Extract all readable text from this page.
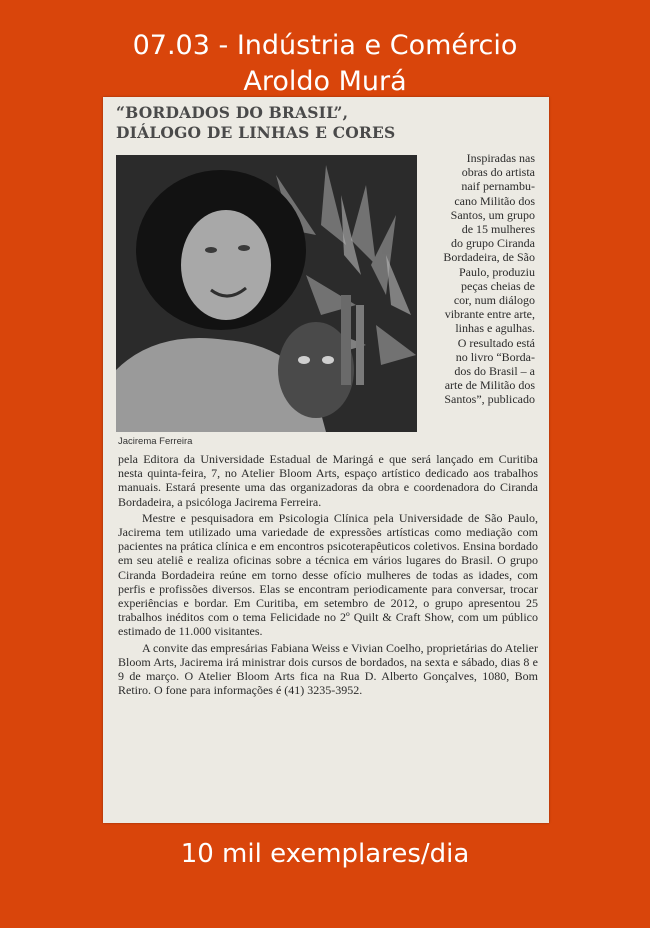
07.03 - Indústria e Comércio
Aroldo Murá
“BORDADOS DO BRASIL”,
DIÁLOGO DE LINHAS E CORES
Jacirema Ferreira
Inspiradas nas
obras do artista
naif pernambu-
cano Militão dos
Santos, um grupo
de 15 mulheres
do grupo Ciranda
Bordadeira, de São
Paulo, produziu
peças cheias de
cor, num diálogo
vibrante entre arte,
linhas e agulhas.
O resultado está
no livro “Borda-
dos do Brasil – a
arte de Militão dos
Santos”, publicado

pela Editora da Universidade Estadual de Maringá e que será lançado em Curitiba nesta quinta-feira, 7, no Atelier Bloom Arts, espaço artístico dedicado aos trabalhos manuais. Estará presente uma das organizadoras da obra e coordenadora do Ciranda Bordadeira, a psicóloga Jacirema Ferreira.

Mestre e pesquisadora em Psicologia Clínica pela Universidade de São Paulo, Jacirema tem utilizado uma variedade de expressões artísticas como mediação com pacientes na prática clínica e em encontros psicoterapêuticos coletivos. Ensina bordado em seu ateliê e realiza oficinas sobre a técnica em vários lugares do Brasil. O grupo Ciranda Bordadeira reúne em torno desse ofício mulheres de todas as idades, com perfis e profissões diversos. Elas se encontram periodicamente para conversar, trocar experiências e bordar. Em Curitiba, em setembro de 2012, o grupo apresentou 25 trabalhos inéditos com o tema Felicidade no 2º Quilt & Craft Show, com um público estimado de 11.000 visitantes.

A convite das empresárias Fabiana Weiss e Vivian Coelho, proprietárias do Atelier Bloom Arts, Jacirema irá ministrar dois cursos de bordados, na sexta e sábado, dias 8 e 9 de março. O Atelier Bloom Arts fica na Rua D. Alberto Gonçalves, 1080, Bom Retiro. O fone para informações é (41) 3235-3952.

10 mil exemplares/dia
